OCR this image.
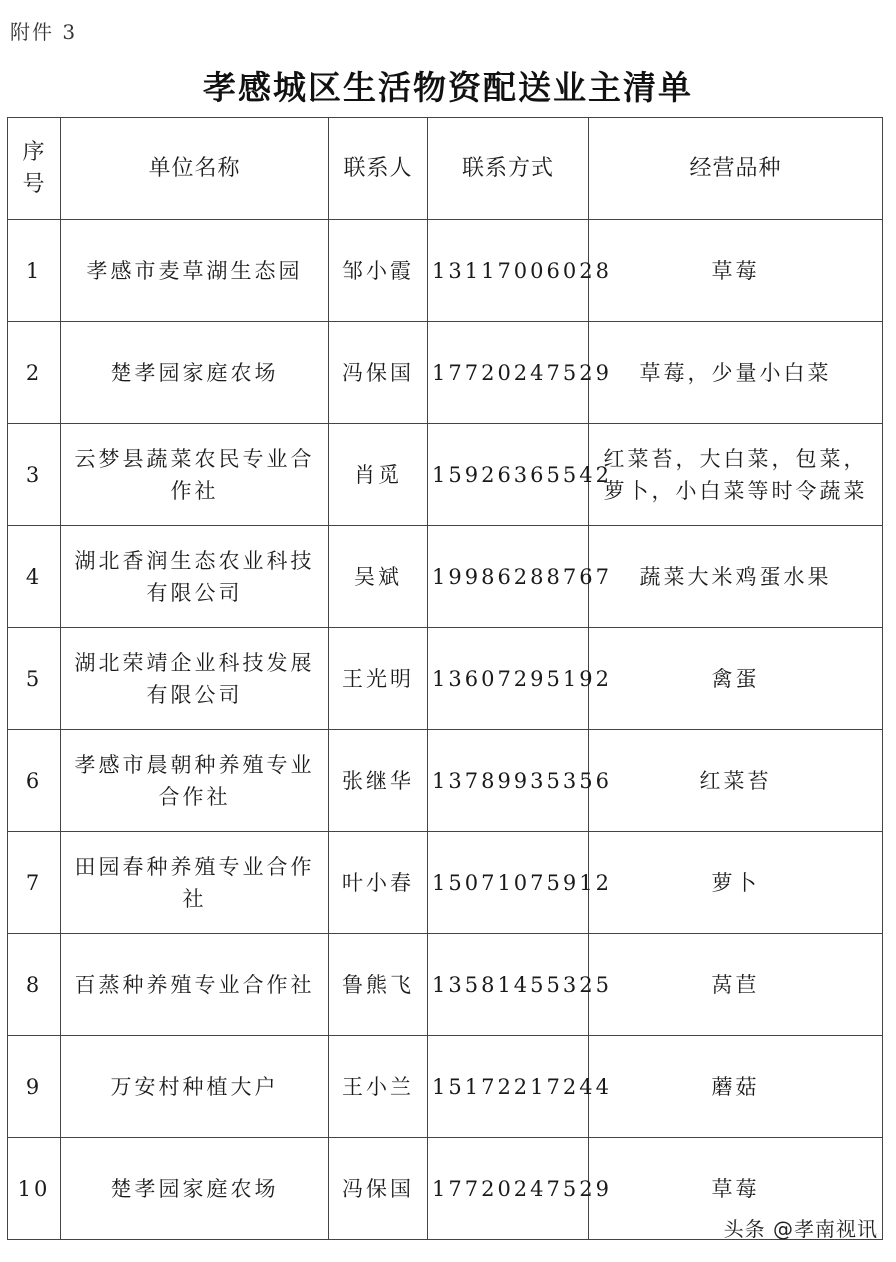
附件 3
孝感城区生活物资配送业主清单
序号	单位名称	联系人	联系方式	经营品种
1	孝感市麦草湖生态园	邹小霞	13117006028	草莓
2	楚孝园家庭农场	冯保国	17720247529	草莓，少量小白菜
3	云梦县蔬菜农民专业合作社	肖觅	15926365542	红菜苔，大白菜，包菜，萝卜，小白菜等时令蔬菜
4	湖北香润生态农业科技有限公司	吴斌	19986288767	蔬菜大米鸡蛋水果
5	湖北荣靖企业科技发展有限公司	王光明	13607295192	禽蛋
6	孝感市晨朝种养殖专业合作社	张继华	13789935356	红菜苔
7	田园春种养殖专业合作社	叶小春	15071075912	萝卜
8	百蒸种养殖专业合作社	鲁熊飞	13581455325	莴苣
9	万安村种植大户	王小兰	15172217244	蘑菇
10	楚孝园家庭农场	冯保国	17720247529	草莓
头条 @孝南视讯
